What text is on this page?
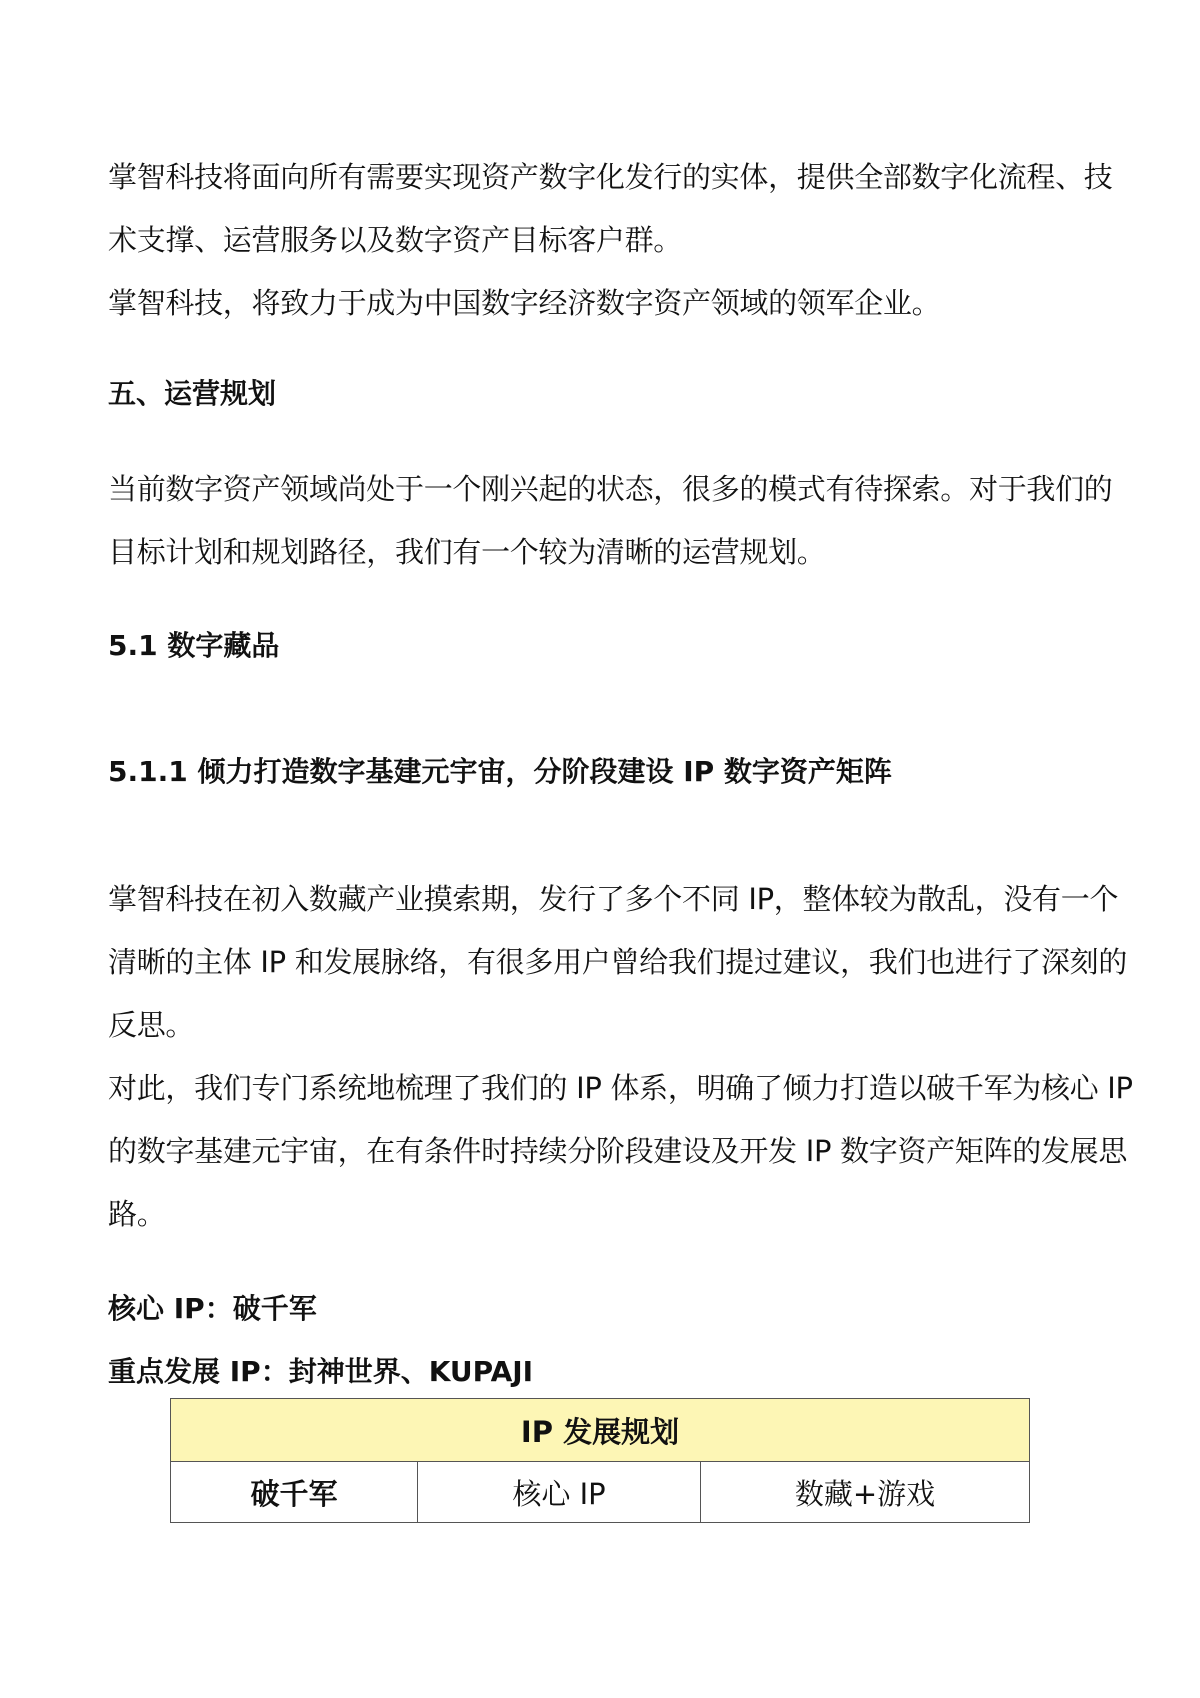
掌智科技将面向所有需要实现资产数字化发行的实体，提供全部数字化流程、技
术支撑、运营服务以及数字资产目标客户群。
掌智科技，将致力于成为中国数字经济数字资产领域的领军企业。
五、运营规划
当前数字资产领域尚处于一个刚兴起的状态，很多的模式有待探索。对于我们的
目标计划和规划路径，我们有一个较为清晰的运营规划。
5.1 数字藏品
5.1.1 倾力打造数字基建元宇宙，分阶段建设 IP 数字资产矩阵
掌智科技在初入数藏产业摸索期，发行了多个不同 IP，整体较为散乱，没有一个
清晰的主体 IP 和发展脉络，有很多用户曾给我们提过建议，我们也进行了深刻的
反思。
对此，我们专门系统地梳理了我们的 IP 体系，明确了倾力打造以破千军为核心 IP
的数字基建元宇宙，在有条件时持续分阶段建设及开发 IP 数字资产矩阵的发展思
路。
核心 IP：破千军
重点发展 IP：封神世界、KUPAJI
IP 发展规划
破千军	核心 IP	数藏+游戏
